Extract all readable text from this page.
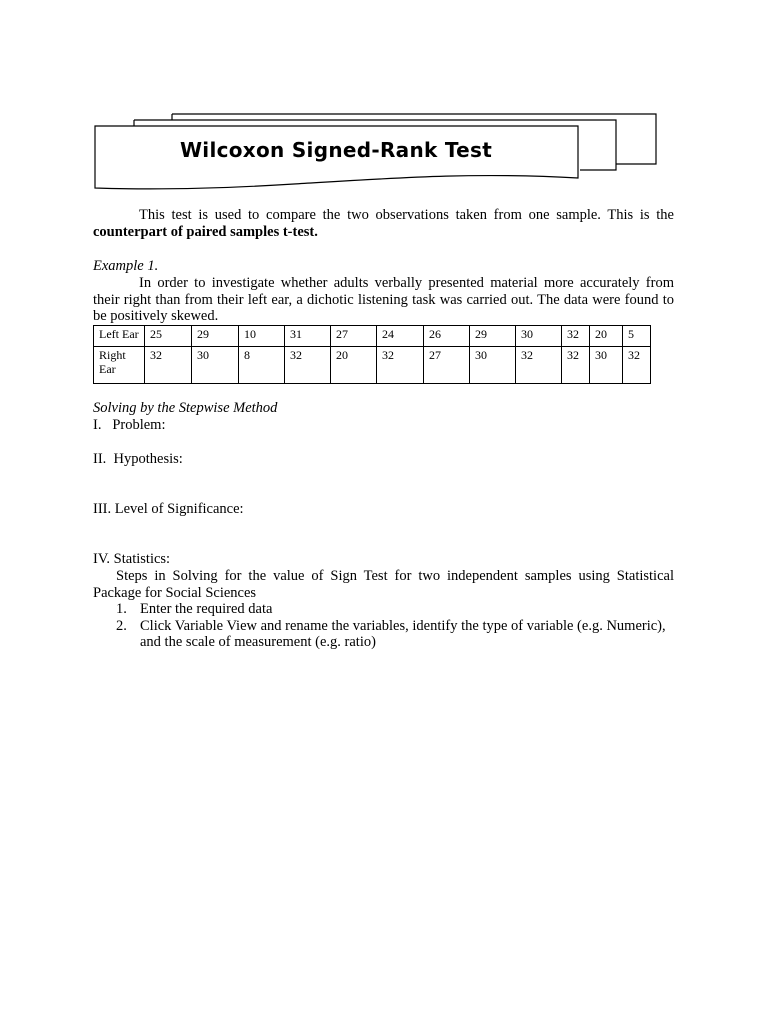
Wilcoxon Signed-Rank Test

This test is used to compare the two observations taken from one sample. This is the counterpart of paired samples t-test.

Example 1.

In order to investigate whether adults verbally presented material more accurately from their right than from their left ear, a dichotic listening task was carried out. The data were found to be positively skewed.

Left Ear	25	29	10	31	27	24	26	29	30	32	20	5
Right Ear	32	30	8	32	20	32	27	30	32	32	30	32
Solving by the Stepwise Method
I.   Problem:
II.  Hypothesis:
III. Level of Significance:
IV. Statistics:

Steps in Solving for the value of Sign Test for two independent samples using Statistical Package for Social Sciences

1. Enter the required data
2. Click Variable View and rename the variables, identify the type of variable (e.g. Numeric), and the scale of measurement (e.g. ratio)
